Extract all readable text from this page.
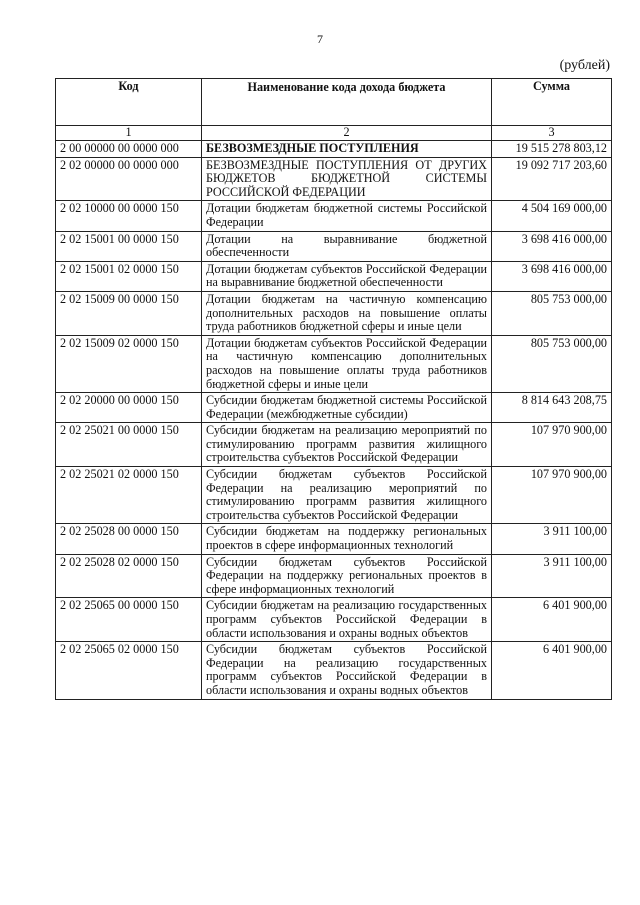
7
(рублей)
Код	Наименование кода дохода бюджета	Сумма
1	2	3
2 00 00000 00 0000 000	БЕЗВОЗМЕЗДНЫЕ ПОСТУПЛЕНИЯ	19 515 278 803,12
2 02 00000 00 0000 000	БЕЗВОЗМЕЗДНЫЕ ПОСТУПЛЕНИЯ ОТ ДРУГИХ БЮДЖЕТОВ БЮДЖЕТНОЙ СИСТЕМЫ РОССИЙСКОЙ ФЕДЕРАЦИИ	19 092 717 203,60
2 02 10000 00 0000 150	Дотации бюджетам бюджетной системы Российской Федерации	4 504 169 000,00
2 02 15001 00 0000 150	Дотации на выравнивание бюджетной обеспеченности	3 698 416 000,00
2 02 15001 02 0000 150	Дотации бюджетам субъектов Российской Федерации на выравнивание бюджетной обеспеченности	3 698 416 000,00
2 02 15009 00 0000 150	Дотации бюджетам на частичную компенсацию дополнительных расходов на повышение оплаты труда работников бюджетной сферы и иные цели	805 753 000,00
2 02 15009 02 0000 150	Дотации бюджетам субъектов Российской Федерации на частичную компенсацию дополнительных расходов на повышение оплаты труда работников бюджетной сферы и иные цели	805 753 000,00
2 02 20000 00 0000 150	Субсидии бюджетам бюджетной системы Российской Федерации (межбюджетные субсидии)	8 814 643 208,75
2 02 25021 00 0000 150	Субсидии бюджетам на реализацию мероприятий по стимулированию программ развития жилищного строительства субъектов Российской Федерации	107 970 900,00
2 02 25021 02 0000 150	Субсидии бюджетам субъектов Российской Федерации на реализацию мероприятий по стимулированию программ развития жилищного строительства субъектов Российской Федерации	107 970 900,00
2 02 25028 00 0000 150	Субсидии бюджетам на поддержку региональных проектов в сфере информационных технологий	3 911 100,00
2 02 25028 02 0000 150	Субсидии бюджетам субъектов Российской Федерации на поддержку региональных проектов в сфере информационных технологий	3 911 100,00
2 02 25065 00 0000 150	Субсидии бюджетам на реализацию государственных программ субъектов Российской Федерации в области использования и охраны водных объектов	6 401 900,00
2 02 25065 02 0000 150	Субсидии бюджетам субъектов Российской Федерации на реализацию государственных программ субъектов Российской Федерации в области использования и охраны водных объектов	6 401 900,00
